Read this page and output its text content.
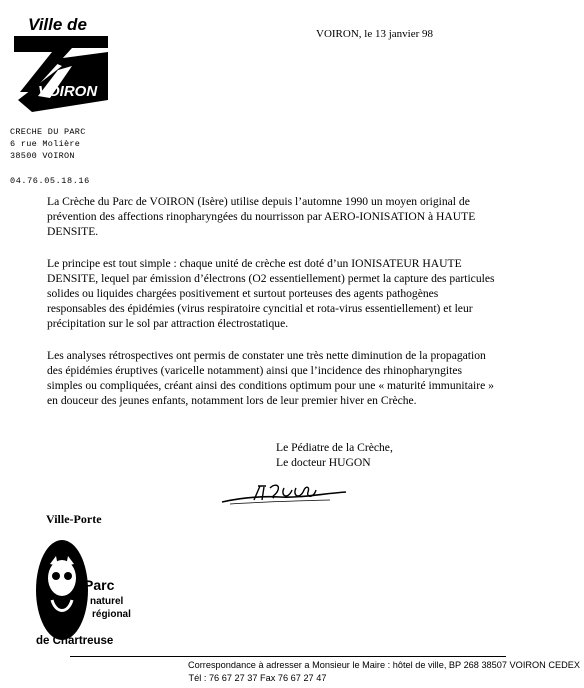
Ville de
VOIRON
CRECHE DU PARC
6 rue Molière
38500 VOIRON
04.76.05.18.16
VOIRON, le 13 janvier 98

La Crèche du Parc de VOIRON (Isère) utilise depuis l’automne 1990 un moyen original de prévention des affections rinopharyngées du nourrisson par AERO-IONISATION à HAUTE DENSITE.

Le principe est tout simple : chaque unité de crèche est doté d’un IONISATEUR HAUTE DENSITE, lequel par émission d’électrons (O2 essentiellement) permet la capture des particules solides ou liquides chargées positivement et surtout porteuses des agents pathogènes responsables des épidémies (virus respiratoire cyncitial et rota-virus essentiellement) et leur précipitation sur le sol par attraction électrostatique.

Les analyses rétrospectives ont permis de constater une très nette diminution de la propagation des épidémies éruptives (varicelle notamment) ainsi que l’incidence des rhinopharyngites simples ou compliquées, créant ainsi des conditions optimum pour une « maturité immunitaire » en douceur des jeunes enfants, notamment lors de leur premier hiver en Crèche.

Le Pédiatre de la Crèche,
Le docteur HUGON
Ville-Porte
Parc
naturel
régional
de Chartreuse
Correspondance à adresser a Monsieur le Maire : hôtel de ville, BP 268 38507 VOIRON CEDEX
Tél : 76 67 27 37 Fax 76 67 27 47
